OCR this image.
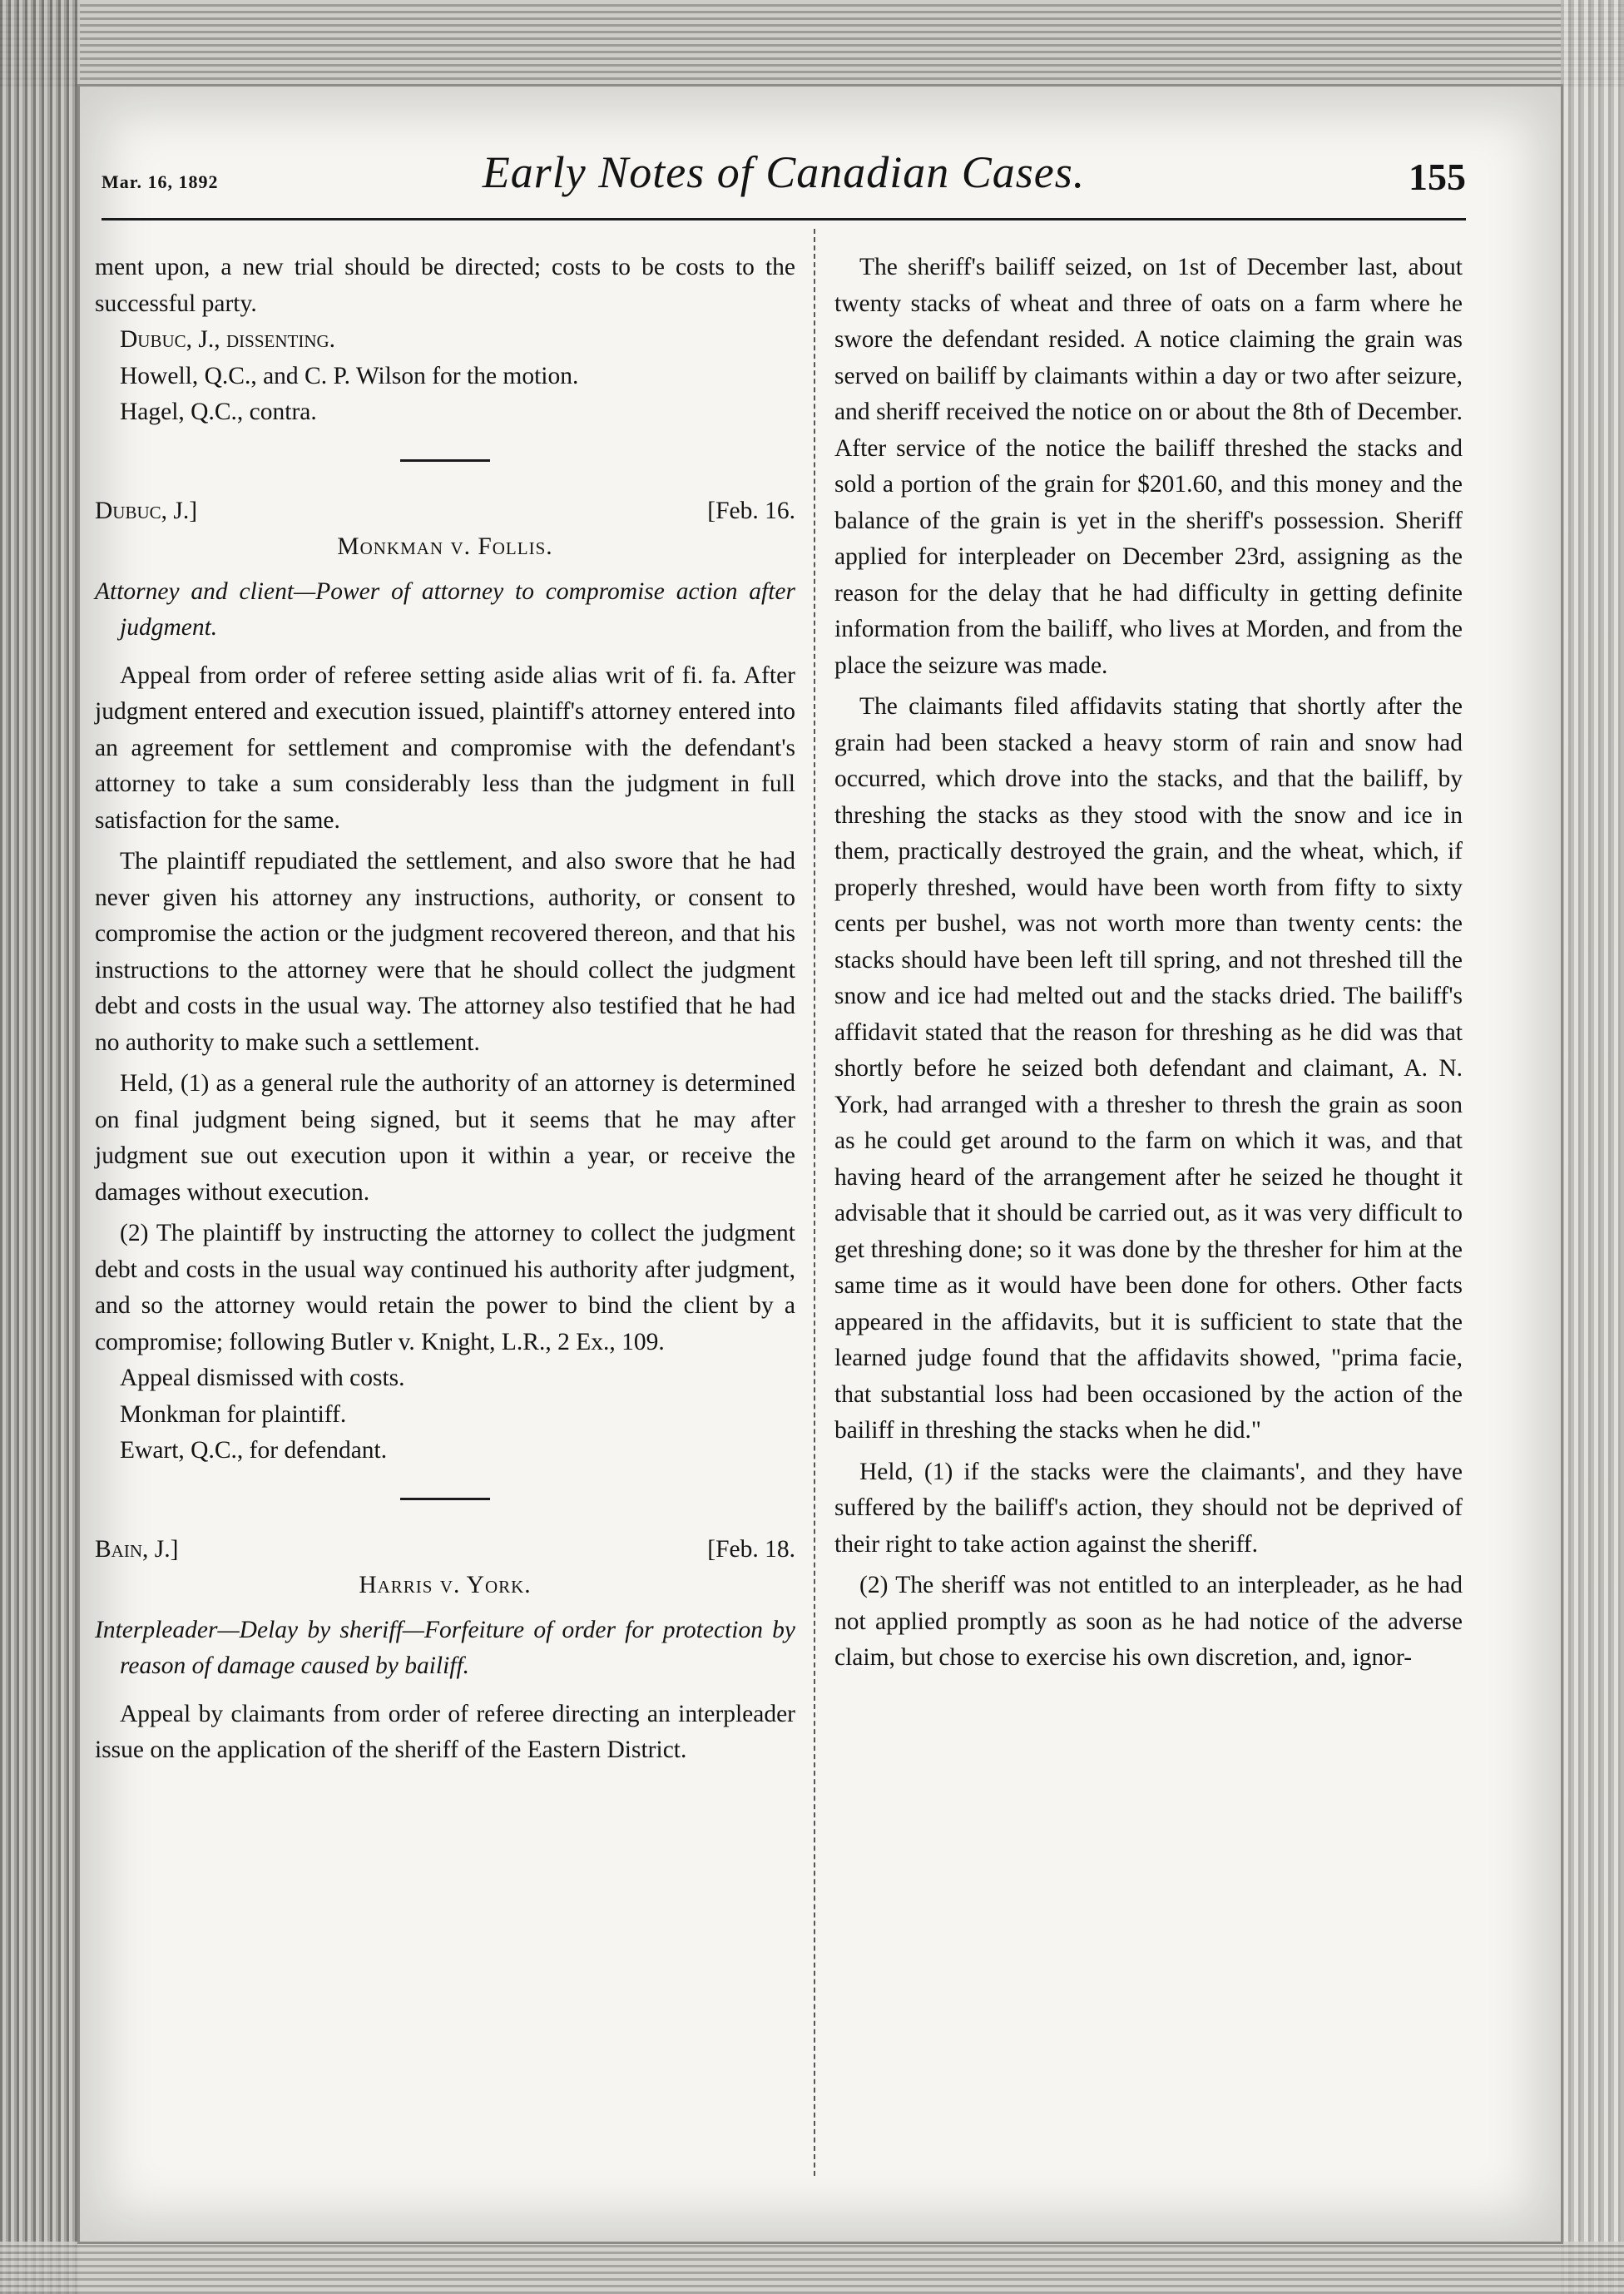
Mar. 16, 1892	Early Notes of Canadian Cases.	155

ment upon, a new trial should be directed; costs to be costs to the successful party.

Dubuc, J., dissenting.

Howell, Q.C., and C. P. Wilson for the motion.

Hagel, Q.C., contra.

Dubuc, J.]	[Feb. 16.

Monkman v. Follis.

Attorney and client—Power of attorney to compromise action after judgment.

Appeal from order of referee setting aside alias writ of fi. fa. After judgment entered and execution issued, plaintiff's attorney entered into an agreement for settlement and compromise with the defendant's attorney to take a sum considerably less than the judgment in full satisfaction for the same.

The plaintiff repudiated the settlement, and also swore that he had never given his attorney any instructions, authority, or consent to compromise the action or the judgment recovered thereon, and that his instructions to the attorney were that he should collect the judgment debt and costs in the usual way. The attorney also testified that he had no authority to make such a settlement.

Held, (1) as a general rule the authority of an attorney is determined on final judgment being signed, but it seems that he may after judgment sue out execution upon it within a year, or receive the damages without execution.

(2) The plaintiff by instructing the attorney to collect the judgment debt and costs in the usual way continued his authority after judgment, and so the attorney would retain the power to bind the client by a compromise; following Butler v. Knight, L.R., 2 Ex., 109.

Appeal dismissed with costs.

Monkman for plaintiff.

Ewart, Q.C., for defendant.

Bain, J.]	[Feb. 18.

Harris v. York.

Interpleader—Delay by sheriff—Forfeiture of order for protection by reason of damage caused by bailiff.

Appeal by claimants from order of referee directing an interpleader issue on the application of the sheriff of the Eastern District.

The sheriff's bailiff seized, on 1st of December last, about twenty stacks of wheat and three of oats on a farm where he swore the defendant resided. A notice claiming the grain was served on bailiff by claimants within a day or two after seizure, and sheriff received the notice on or about the 8th of December. After service of the notice the bailiff threshed the stacks and sold a portion of the grain for $201.60, and this money and the balance of the grain is yet in the sheriff's possession. Sheriff applied for interpleader on December 23rd, assigning as the reason for the delay that he had difficulty in getting definite information from the bailiff, who lives at Morden, and from the place the seizure was made.

The claimants filed affidavits stating that shortly after the grain had been stacked a heavy storm of rain and snow had occurred, which drove into the stacks, and that the bailiff, by threshing the stacks as they stood with the snow and ice in them, practically destroyed the grain, and the wheat, which, if properly threshed, would have been worth from fifty to sixty cents per bushel, was not worth more than twenty cents: the stacks should have been left till spring, and not threshed till the snow and ice had melted out and the stacks dried. The bailiff's affidavit stated that the reason for threshing as he did was that shortly before he seized both defendant and claimant, A. N. York, had arranged with a thresher to thresh the grain as soon as he could get around to the farm on which it was, and that having heard of the arrangement after he seized he thought it advisable that it should be carried out, as it was very difficult to get threshing done; so it was done by the thresher for him at the same time as it would have been done for others. Other facts appeared in the affidavits, but it is sufficient to state that the learned judge found that the affidavits showed, "prima facie, that substantial loss had been occasioned by the action of the bailiff in threshing the stacks when he did."

Held, (1) if the stacks were the claimants', and they have suffered by the bailiff's action, they should not be deprived of their right to take action against the sheriff.

(2) The sheriff was not entitled to an interpleader, as he had not applied promptly as soon as he had notice of the adverse claim, but chose to exercise his own discretion, and, ignor-
